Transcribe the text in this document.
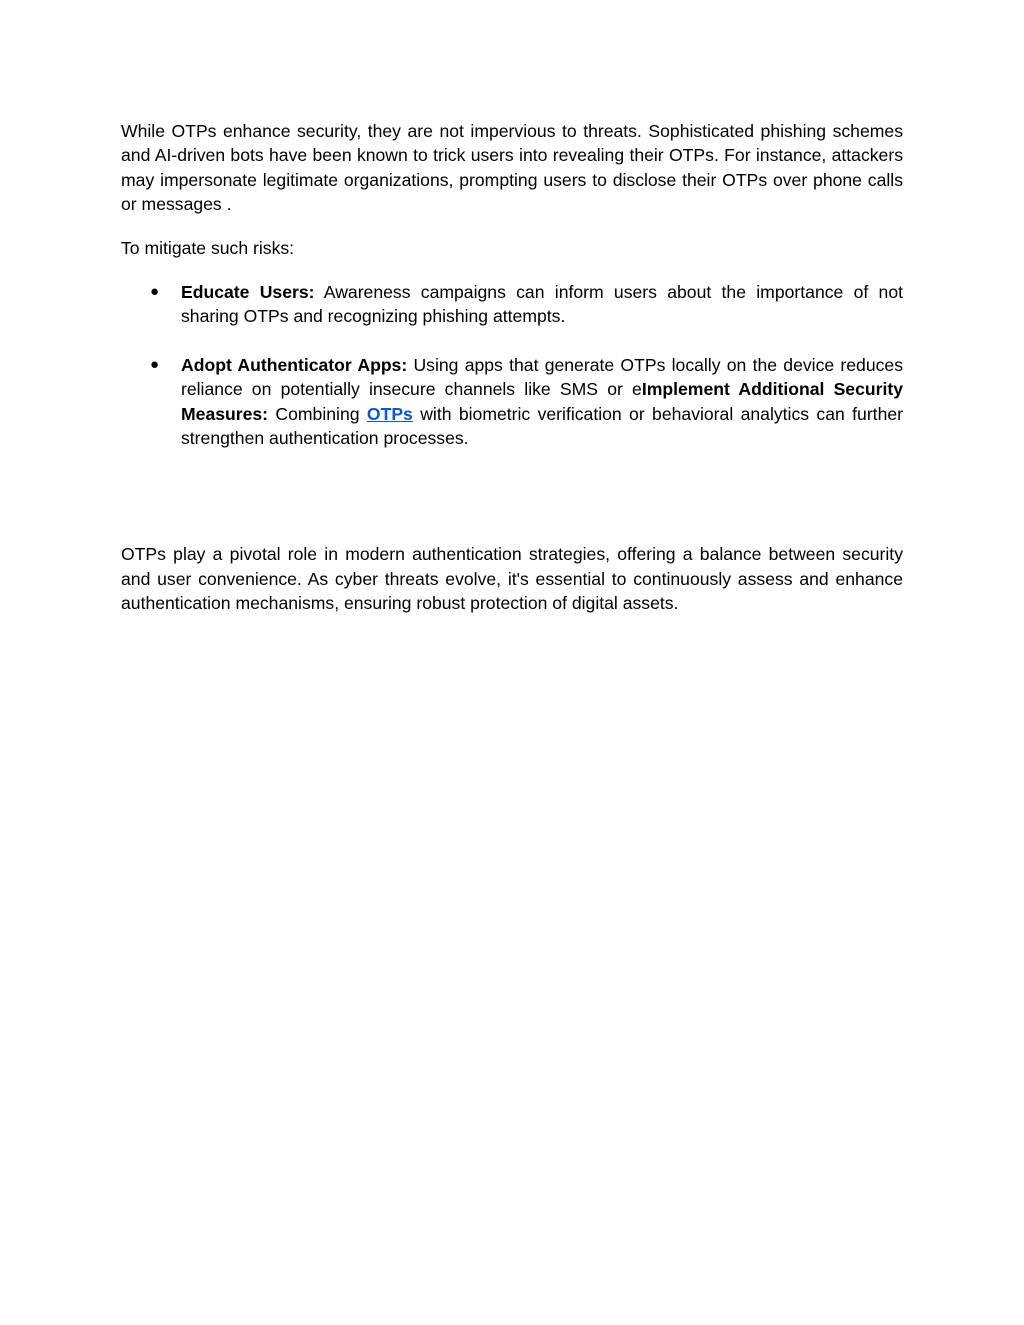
While OTPs enhance security, they are not impervious to threats. Sophisticated phishing schemes and AI-driven bots have been known to trick users into revealing their OTPs. For instance, attackers may impersonate legitimate organizations, prompting users to disclose their OTPs over phone calls or messages .

To mitigate such risks:

● Educate Users: Awareness campaigns can inform users about the importance of not sharing OTPs and recognizing phishing attempts.
● Adopt Authenticator Apps: Using apps that generate OTPs locally on the device reduces reliance on potentially insecure channels like SMS or eImplement Additional Security Measures: Combining OTPs with biometric verification or behavioral analytics can further strengthen authentication processes.

OTPs play a pivotal role in modern authentication strategies, offering a balance between security and user convenience. As cyber threats evolve, it's essential to continuously assess and enhance authentication mechanisms, ensuring robust protection of digital assets.
